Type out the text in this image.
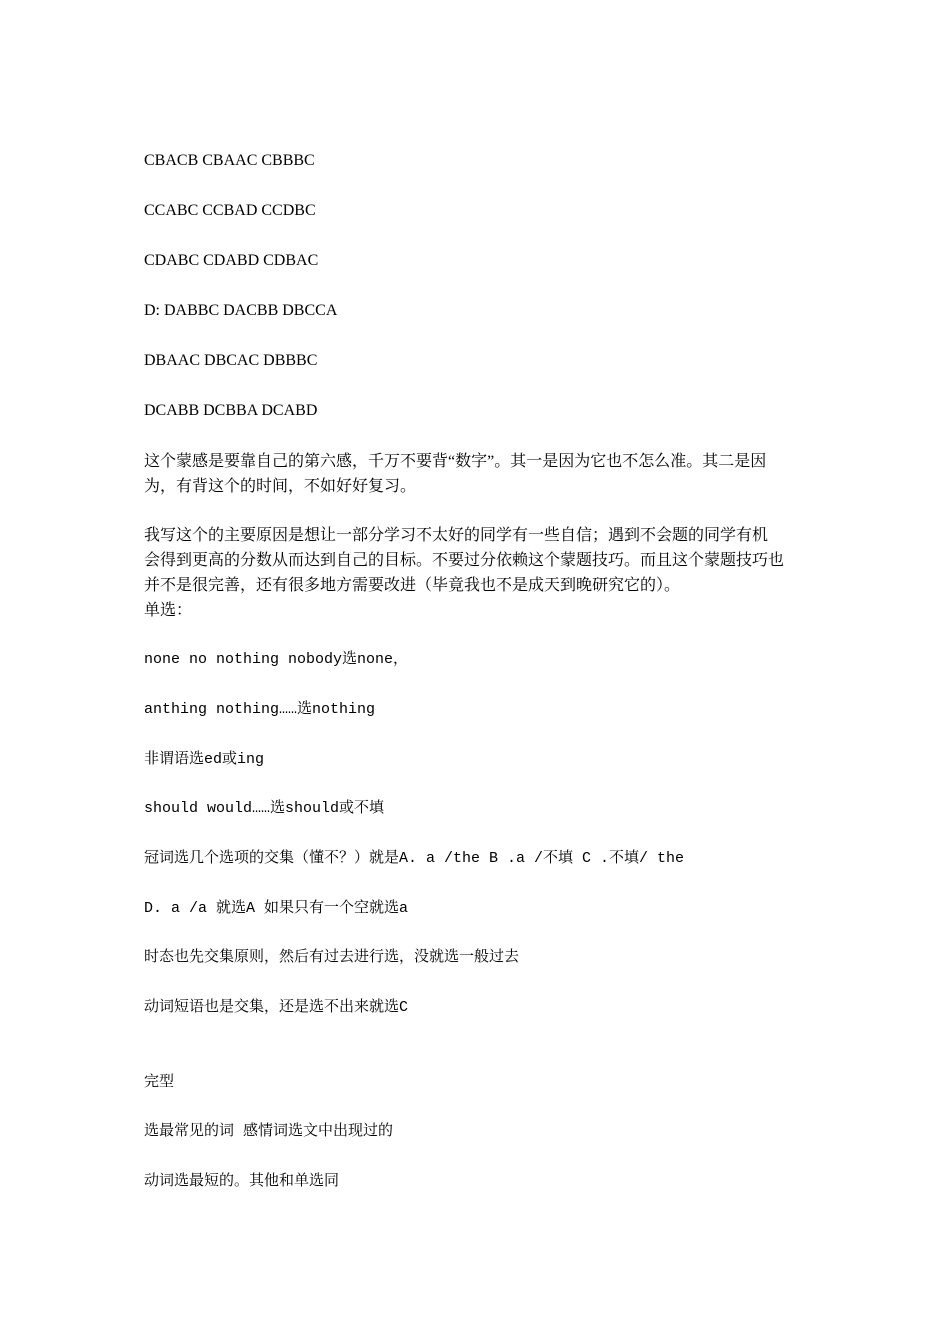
CBACB CBAAC CBBBC
CCABC CCBAD CCDBC
CDABC CDABD CDBAC
D: DABBC DACBB DBCCA
DBAAC DBCAC DBBBC
DCABB DCBBA DCABD
这个蒙感是要靠自己的第六感，千万不要背“数字”。其一是因为它也不怎么准。其二是因
为，有背这个的时间，不如好好复习。
我写这个的主要原因是想让一部分学习不太好的同学有一些自信；遇到不会题的同学有机
会得到更高的分数从而达到自己的目标。不要过分依赖这个蒙题技巧。而且这个蒙题技巧也
并不是很完善，还有很多地方需要改进（毕竟我也不是成天到晚研究它的）。
单选：
none no nothing nobody选none，
anthing nothing……选nothing
非谓语选ed或ing
should would……选should或不填
冠词选几个选项的交集（懂不？）就是A. a /the B .a /不填 C .不填/ the
D. a /a 就选A 如果只有一个空就选a
时态也先交集原则，然后有过去进行选，没就选一般过去
动词短语也是交集，还是选不出来就选C
完型
选最常见的词 感情词选文中出现过的
动词选最短的。其他和单选同
